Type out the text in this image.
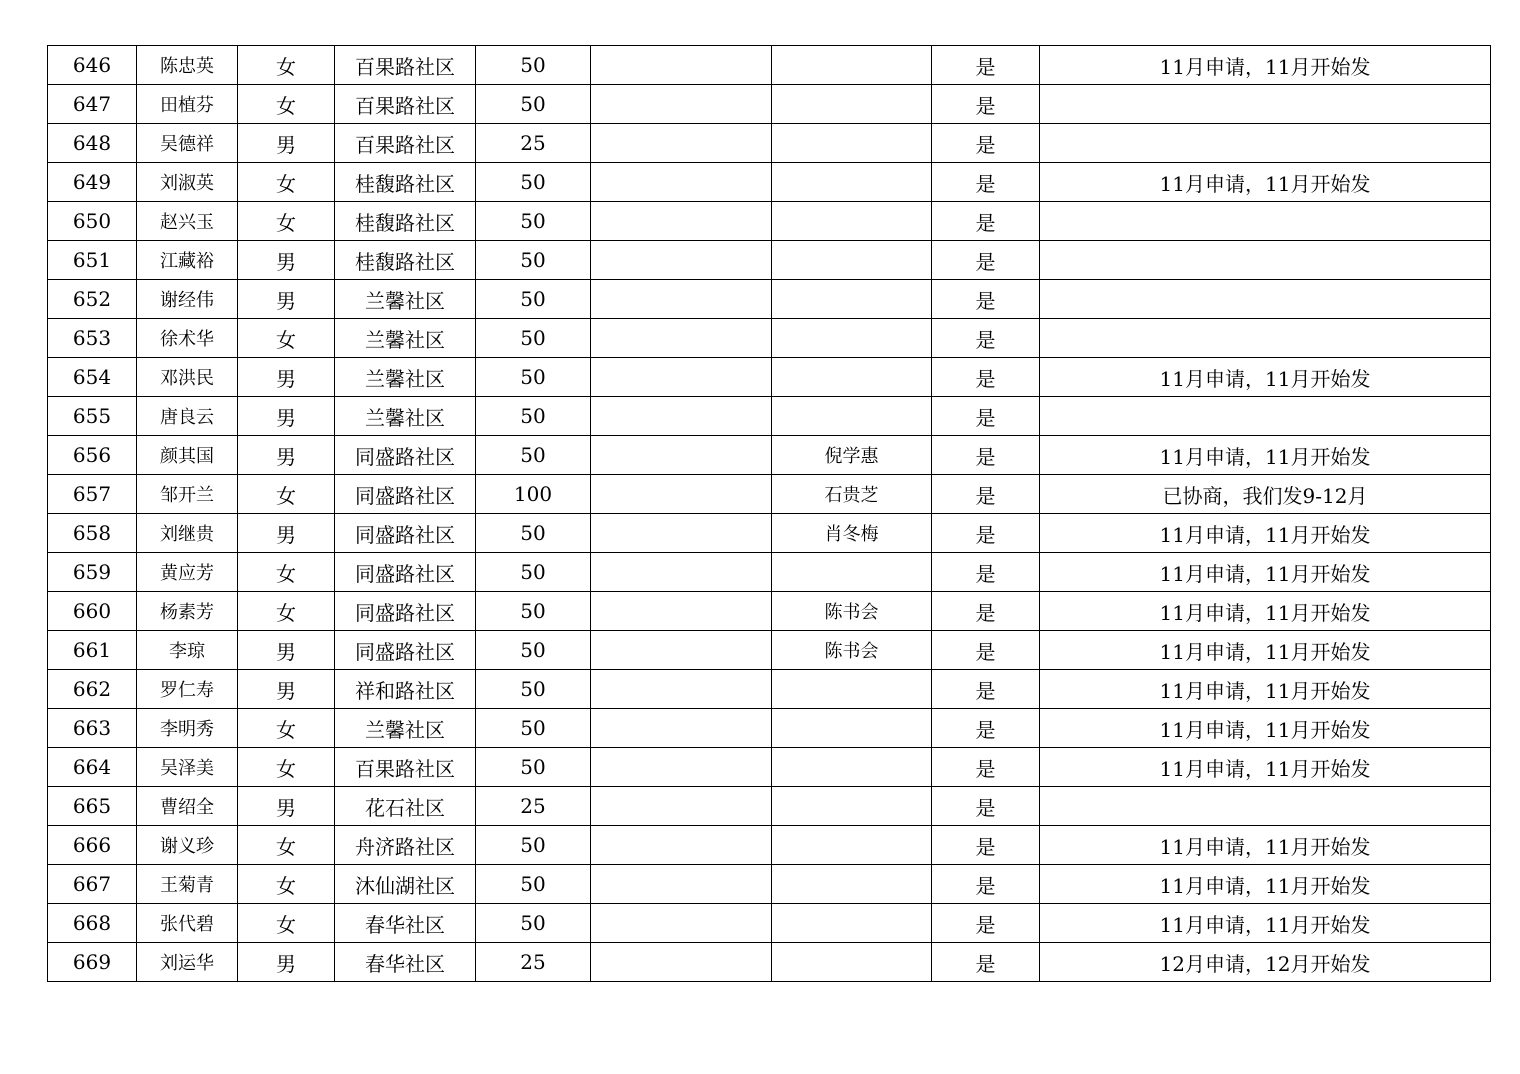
646	陈忠英	女	百果路社区	50			是	11月申请，11月开始发
647	田植芬	女	百果路社区	50			是	
648	吴德祥	男	百果路社区	25			是	
649	刘淑英	女	桂馥路社区	50			是	11月申请，11月开始发
650	赵兴玉	女	桂馥路社区	50			是	
651	江藏裕	男	桂馥路社区	50			是	
652	谢经伟	男	兰馨社区	50			是	
653	徐术华	女	兰馨社区	50			是	
654	邓洪民	男	兰馨社区	50			是	11月申请，11月开始发
655	唐良云	男	兰馨社区	50			是	
656	颜其国	男	同盛路社区	50		倪学惠	是	11月申请，11月开始发
657	邹开兰	女	同盛路社区	100		石贵芝	是	已协商，我们发9-12月
658	刘继贵	男	同盛路社区	50		肖冬梅	是	11月申请，11月开始发
659	黄应芳	女	同盛路社区	50			是	11月申请，11月开始发
660	杨素芳	女	同盛路社区	50		陈书会	是	11月申请，11月开始发
661	李琼	男	同盛路社区	50		陈书会	是	11月申请，11月开始发
662	罗仁寿	男	祥和路社区	50			是	11月申请，11月开始发
663	李明秀	女	兰馨社区	50			是	11月申请，11月开始发
664	吴泽美	女	百果路社区	50			是	11月申请，11月开始发
665	曹绍全	男	花石社区	25			是	
666	谢义珍	女	舟济路社区	50			是	11月申请，11月开始发
667	王菊青	女	沐仙湖社区	50			是	11月申请，11月开始发
668	张代碧	女	春华社区	50			是	11月申请，11月开始发
669	刘运华	男	春华社区	25			是	12月申请，12月开始发
